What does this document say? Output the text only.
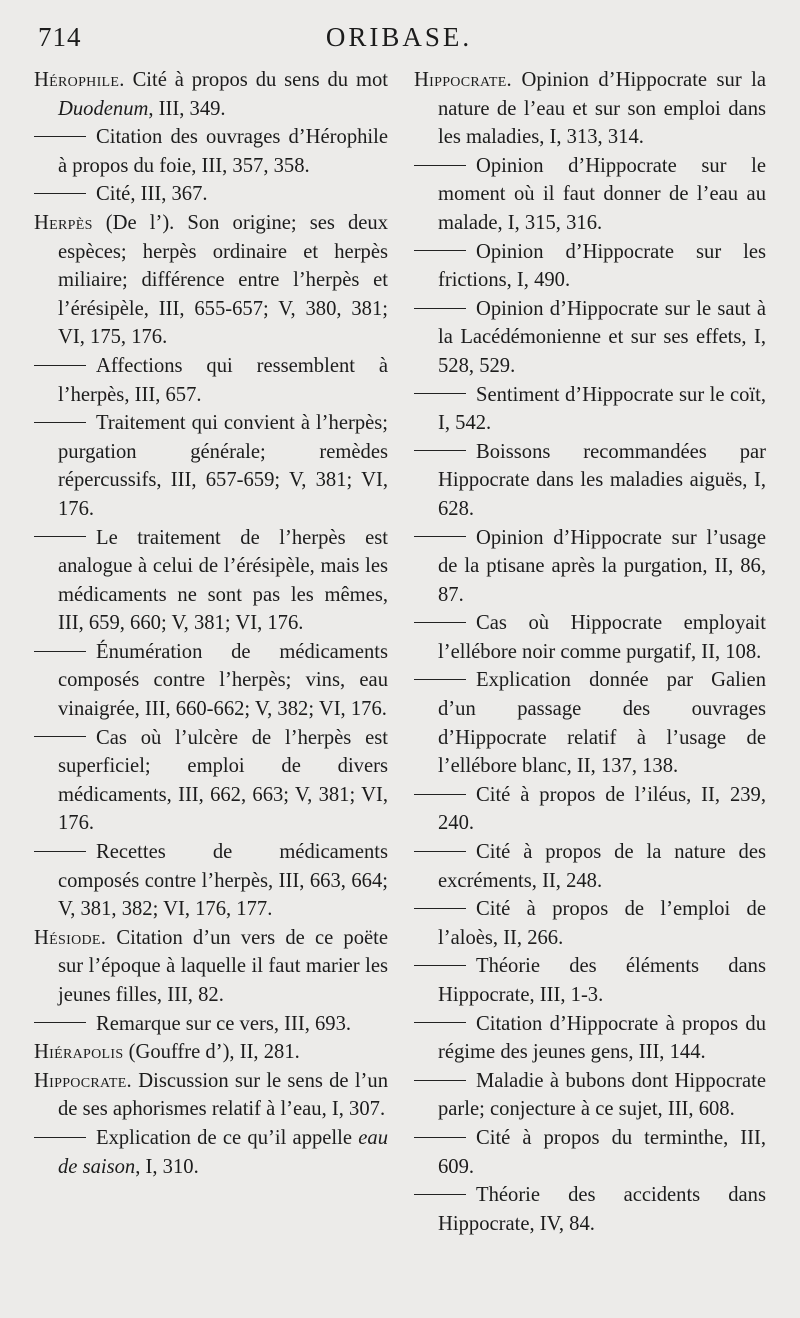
714	ORIBASE.

Hérophile. Cité à propos du sens du mot Duodenum, III, 349.

Citation des ouvrages d’Hérophile à propos du foie, III, 357, 358.

Cité, III, 367.

Herpès (De l’). Son origine; ses deux espèces; herpès ordinaire et herpès miliaire; différence entre l’herpès et l’érésipèle, III, 655-657; V, 380, 381; VI, 175, 176.

Affections qui ressemblent à l’herpès, III, 657.

Traitement qui convient à l’herpès; purgation générale; remèdes répercussifs, III, 657-659; V, 381; VI, 176.

Le traitement de l’herpès est analogue à celui de l’érésipèle, mais les médicaments ne sont pas les mêmes, III, 659, 660; V, 381; VI, 176.

Énumération de médicaments composés contre l’herpès; vins, eau vinaigrée, III, 660-662; V, 382; VI, 176.

Cas où l’ulcère de l’herpès est superficiel; emploi de divers médicaments, III, 662, 663; V, 381; VI, 176.

Recettes de médicaments composés contre l’herpès, III, 663, 664; V, 381, 382; VI, 176, 177.

Hésiode. Citation d’un vers de ce poëte sur l’époque à laquelle il faut marier les jeunes filles, III, 82.

Remarque sur ce vers, III, 693.

Hiérapolis (Gouffre d’), II, 281.

Hippocrate. Discussion sur le sens de l’un de ses aphorismes relatif à l’eau, I, 307.

Explication de ce qu’il appelle eau de saison, I, 310.

Hippocrate. Opinion d’Hippocrate sur la nature de l’eau et sur son emploi dans les maladies, I, 313, 314.

Opinion d’Hippocrate sur le moment où il faut donner de l’eau au malade, I, 315, 316.

Opinion d’Hippocrate sur les frictions, I, 490.

Opinion d’Hippocrate sur le saut à la Lacédémonienne et sur ses effets, I, 528, 529.

Sentiment d’Hippocrate sur le coït, I, 542.

Boissons recommandées par Hippocrate dans les maladies aiguës, I, 628.

Opinion d’Hippocrate sur l’usage de la ptisane après la purgation, II, 86, 87.

Cas où Hippocrate employait l’ellébore noir comme purgatif, II, 108.

Explication donnée par Galien d’un passage des ouvrages d’Hippocrate relatif à l’usage de l’ellébore blanc, II, 137, 138.

Cité à propos de l’iléus, II, 239, 240.

Cité à propos de la nature des excréments, II, 248.

Cité à propos de l’emploi de l’aloès, II, 266.

Théorie des éléments dans Hippocrate, III, 1-3.

Citation d’Hippocrate à propos du régime des jeunes gens, III, 144.

Maladie à bubons dont Hippocrate parle; conjecture à ce sujet, III, 608.

Cité à propos du terminthe, III, 609.

Théorie des accidents dans Hippocrate, IV, 84.
